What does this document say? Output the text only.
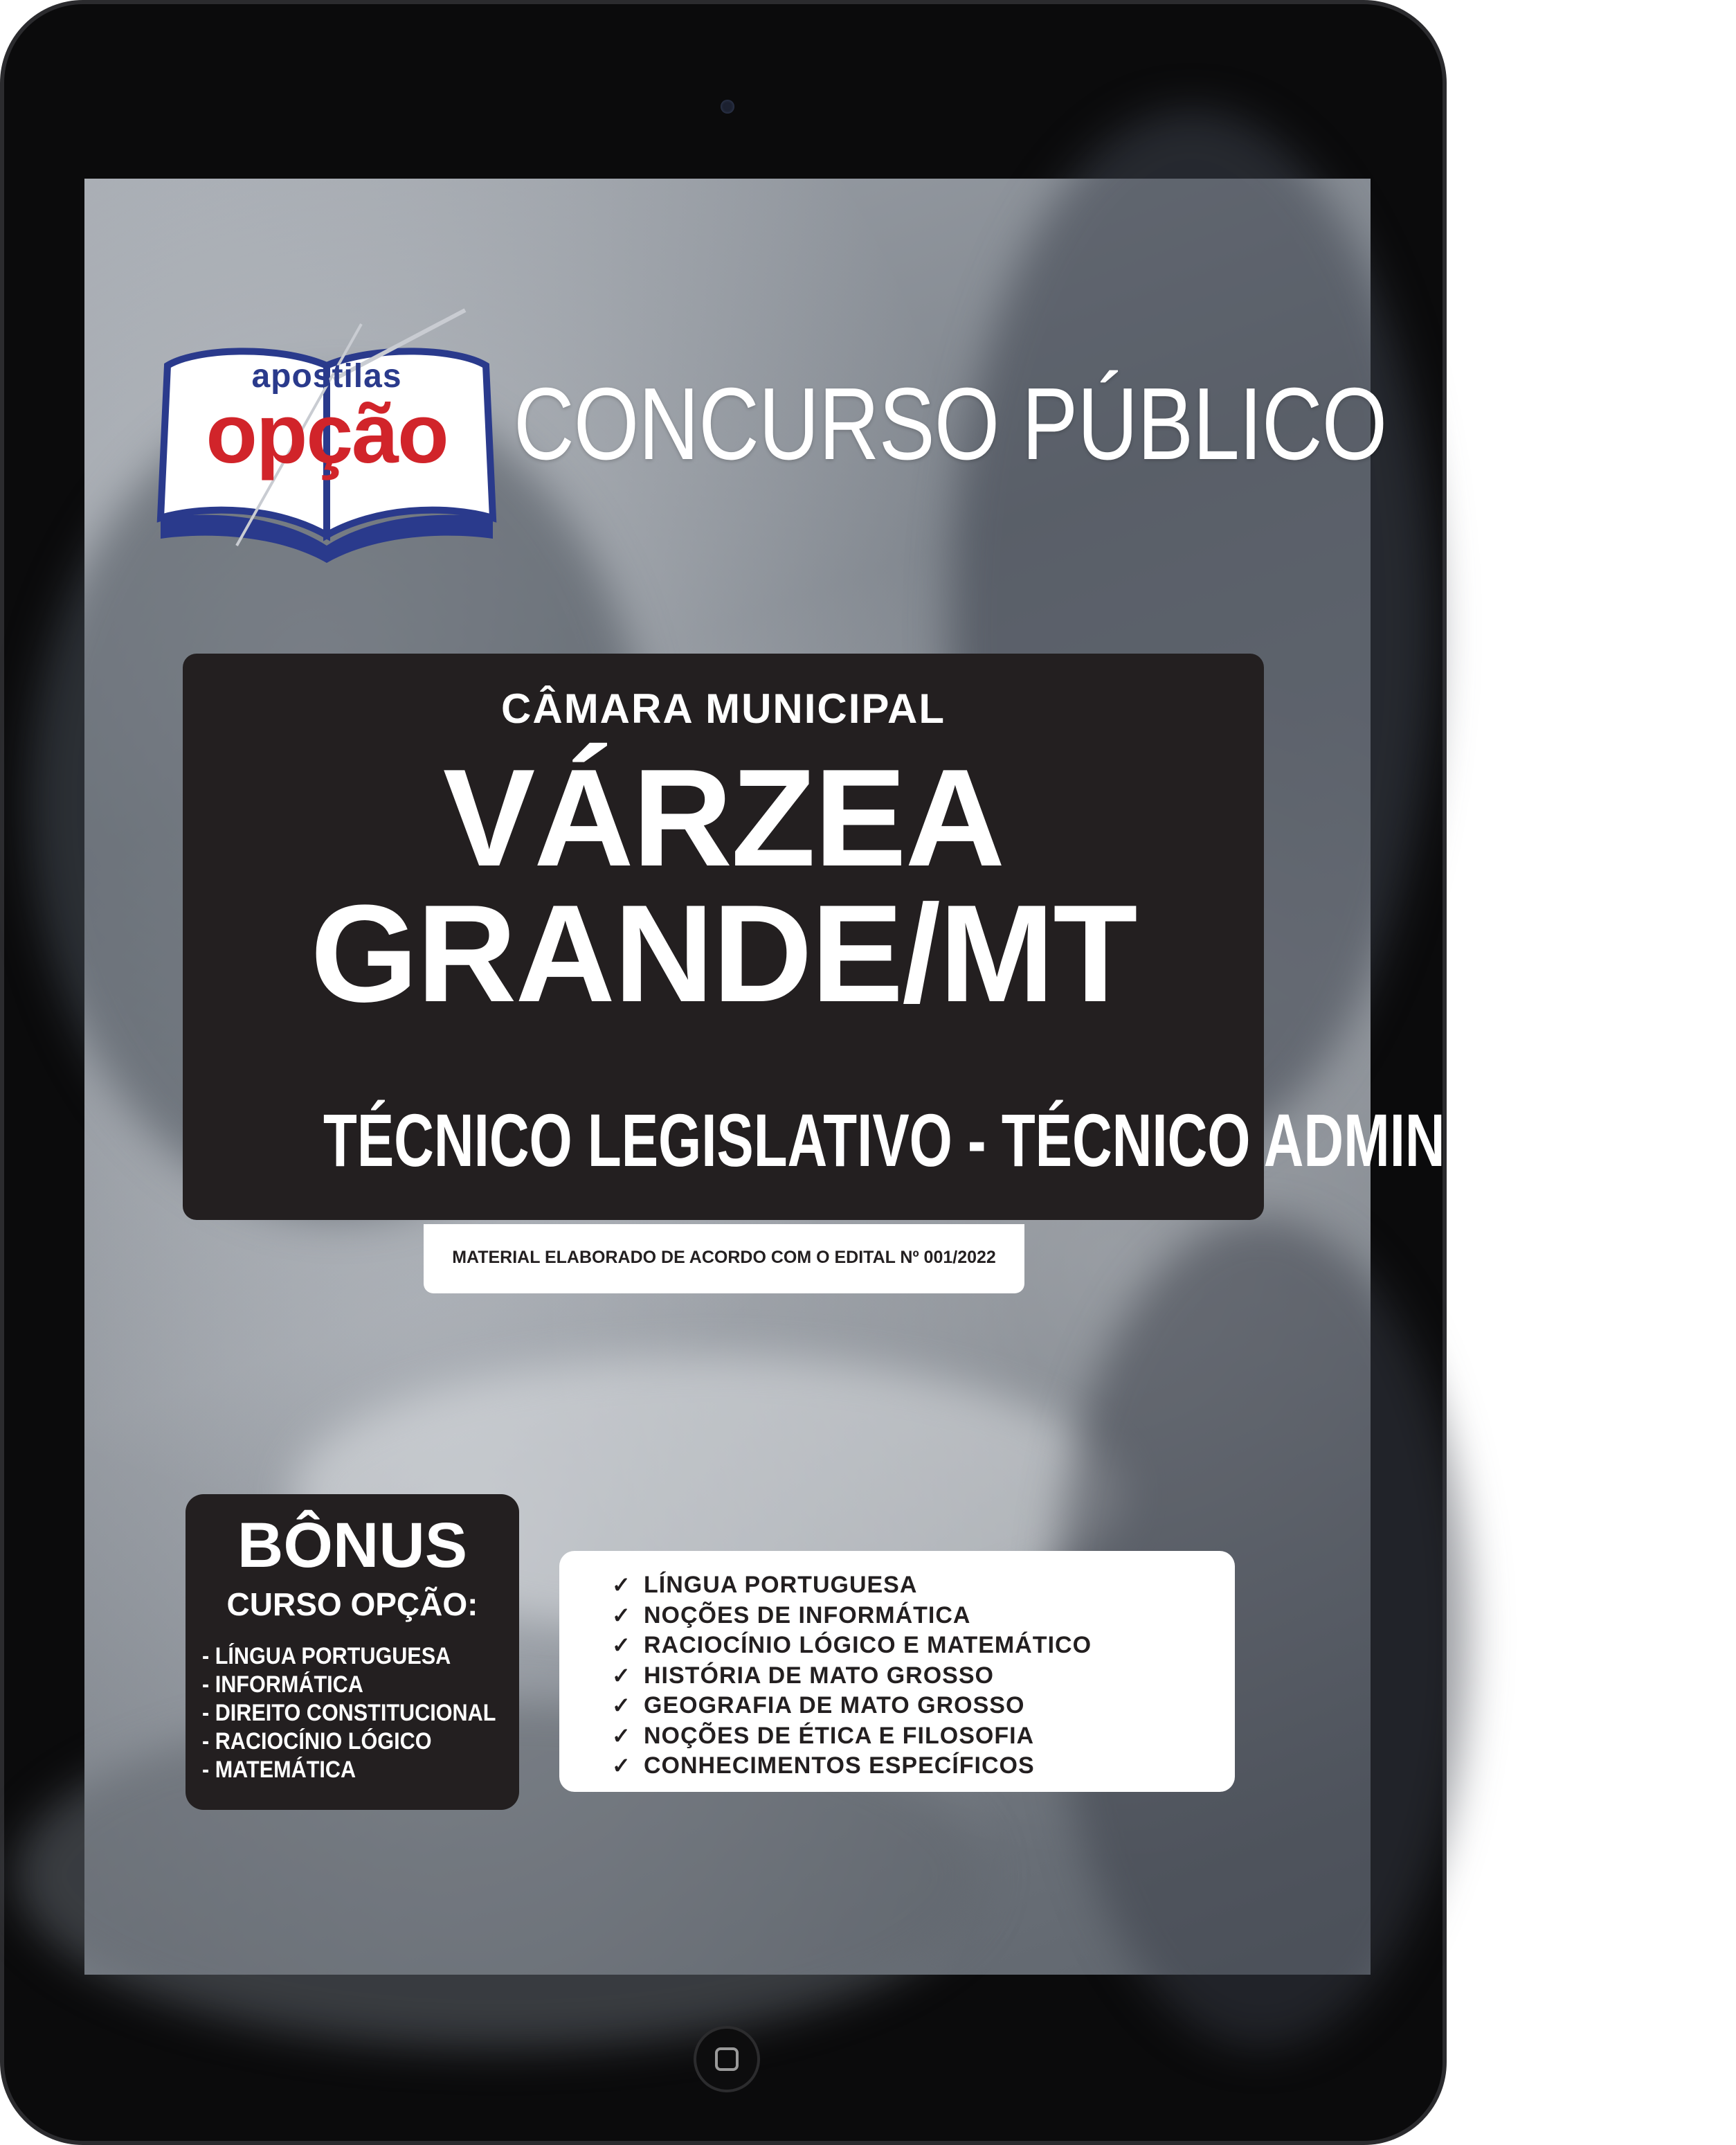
apostilas
opção CONCURSO PÚBLICO
CÂMARA MUNICIPAL
VÁRZEA
GRANDE/MT
TÉCNICO LEGISLATIVO - TÉCNICO ADMINISTRATIVO
MATERIAL ELABORADO DE ACORDO COM O EDITAL Nº 001/2022
BÔNUS
CURSO OPÇÃO:
- LÍNGUA PORTUGUESA
- INFORMÁTICA
- DIREITO CONSTITUCIONAL
- RACIOCÍNIO LÓGICO
- MATEMÁTICA
✓ LÍNGUA PORTUGUESA
✓ NOÇÕES DE INFORMÁTICA
✓ RACIOCÍNIO LÓGICO E MATEMÁTICO
✓ HISTÓRIA DE MATO GROSSO
✓ GEOGRAFIA DE MATO GROSSO
✓ NOÇÕES DE ÉTICA E FILOSOFIA
✓ CONHECIMENTOS ESPECÍFICOS
